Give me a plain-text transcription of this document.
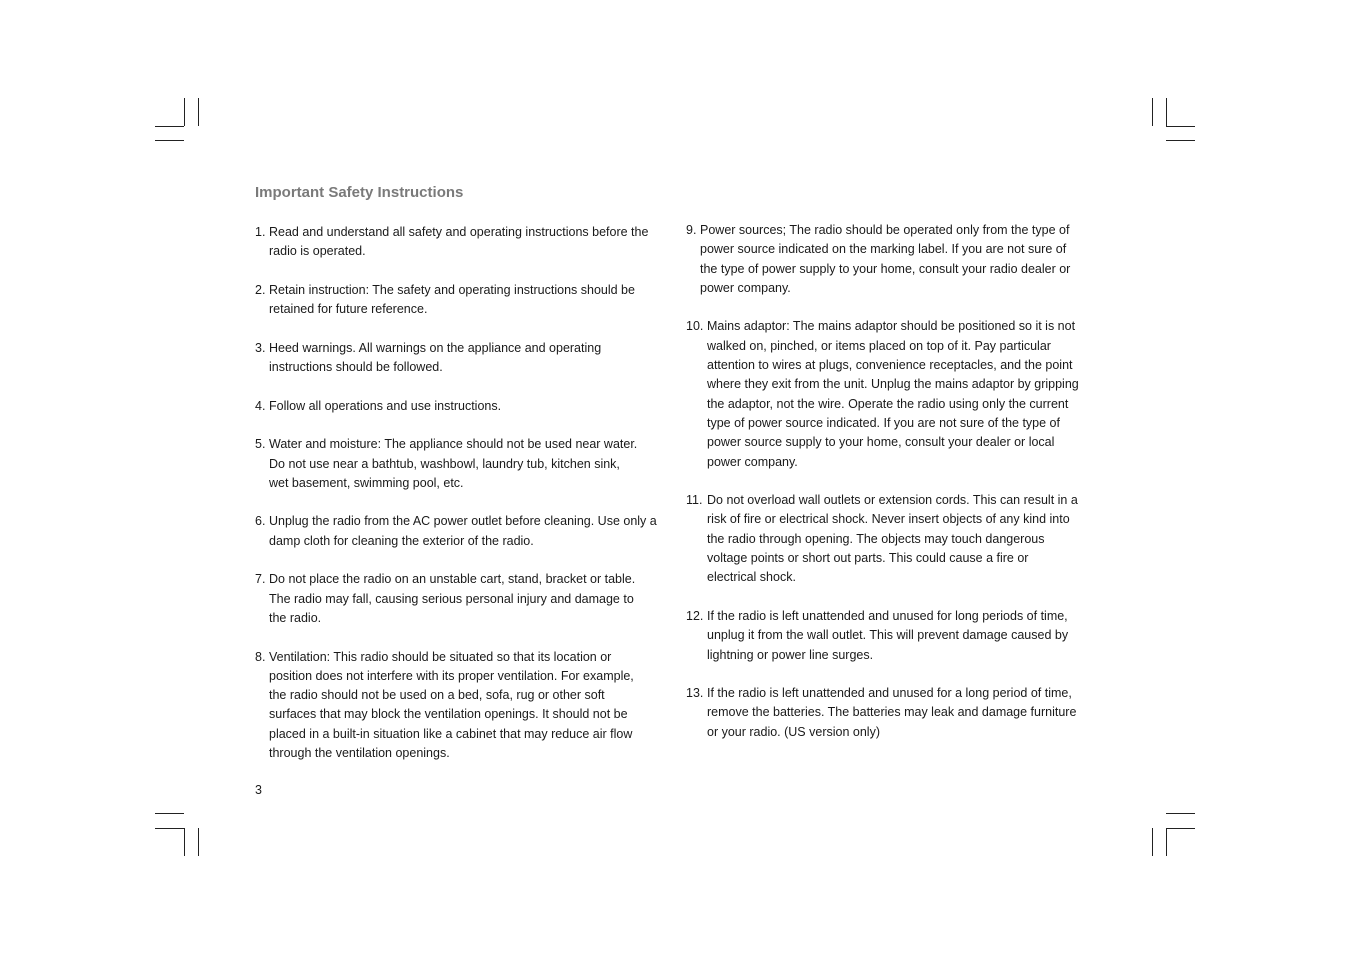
Important Safety Instructions
1. Read and understand all safety and operating instructions before the
radio is operated.
2. Retain instruction: The safety and operating instructions should be
retained for future reference.
3. Heed warnings. All warnings on the appliance and operating
instructions should be followed.
4. Follow all operations and use instructions.
5. Water and moisture: The appliance should not be used near water.
Do not use near a bathtub, washbowl, laundry tub, kitchen sink,
wet basement, swimming pool, etc.
6. Unplug the radio from the AC power outlet before cleaning. Use only a
damp cloth for cleaning the exterior of the radio.
7. Do not place the radio on an unstable cart, stand, bracket or table.
The radio may fall, causing serious personal injury and damage to
the radio.
8. Ventilation: This radio should be situated so that its location or
position does not interfere with its proper ventilation. For example,
the radio should not be used on a bed, sofa, rug or other soft
surfaces that may block the ventilation openings. It should not be
placed in a built-in situation like a cabinet that may reduce air flow
through the ventilation openings.
9. Power sources; The radio should be operated only from the type of
power source indicated on the marking label. If you are not sure of
the type of power supply to your home, consult your radio dealer or
power company.
10. Mains adaptor: The mains adaptor should be positioned so it is not
walked on, pinched, or items placed on top of it. Pay particular
attention to wires at plugs, convenience receptacles, and the point
where they exit from the unit. Unplug the mains adaptor by gripping
the adaptor, not the wire. Operate the radio using only the current
type of power source indicated. If you are not sure of the type of
power source supply to your home, consult your dealer or local
power company.
11. Do not overload wall outlets or extension cords. This can result in a
risk of fire or electrical shock. Never insert objects of any kind into
the radio through opening. The objects may touch dangerous
voltage points or short out parts. This could cause a fire or
electrical shock.
12. If the radio is left unattended and unused for long periods of time,
unplug it from the wall outlet. This will prevent damage caused by
lightning or power line surges.
13. If the radio is left unattended and unused for a long period of time,
remove the batteries. The batteries may leak and damage furniture
or your radio. (US version only)
3
